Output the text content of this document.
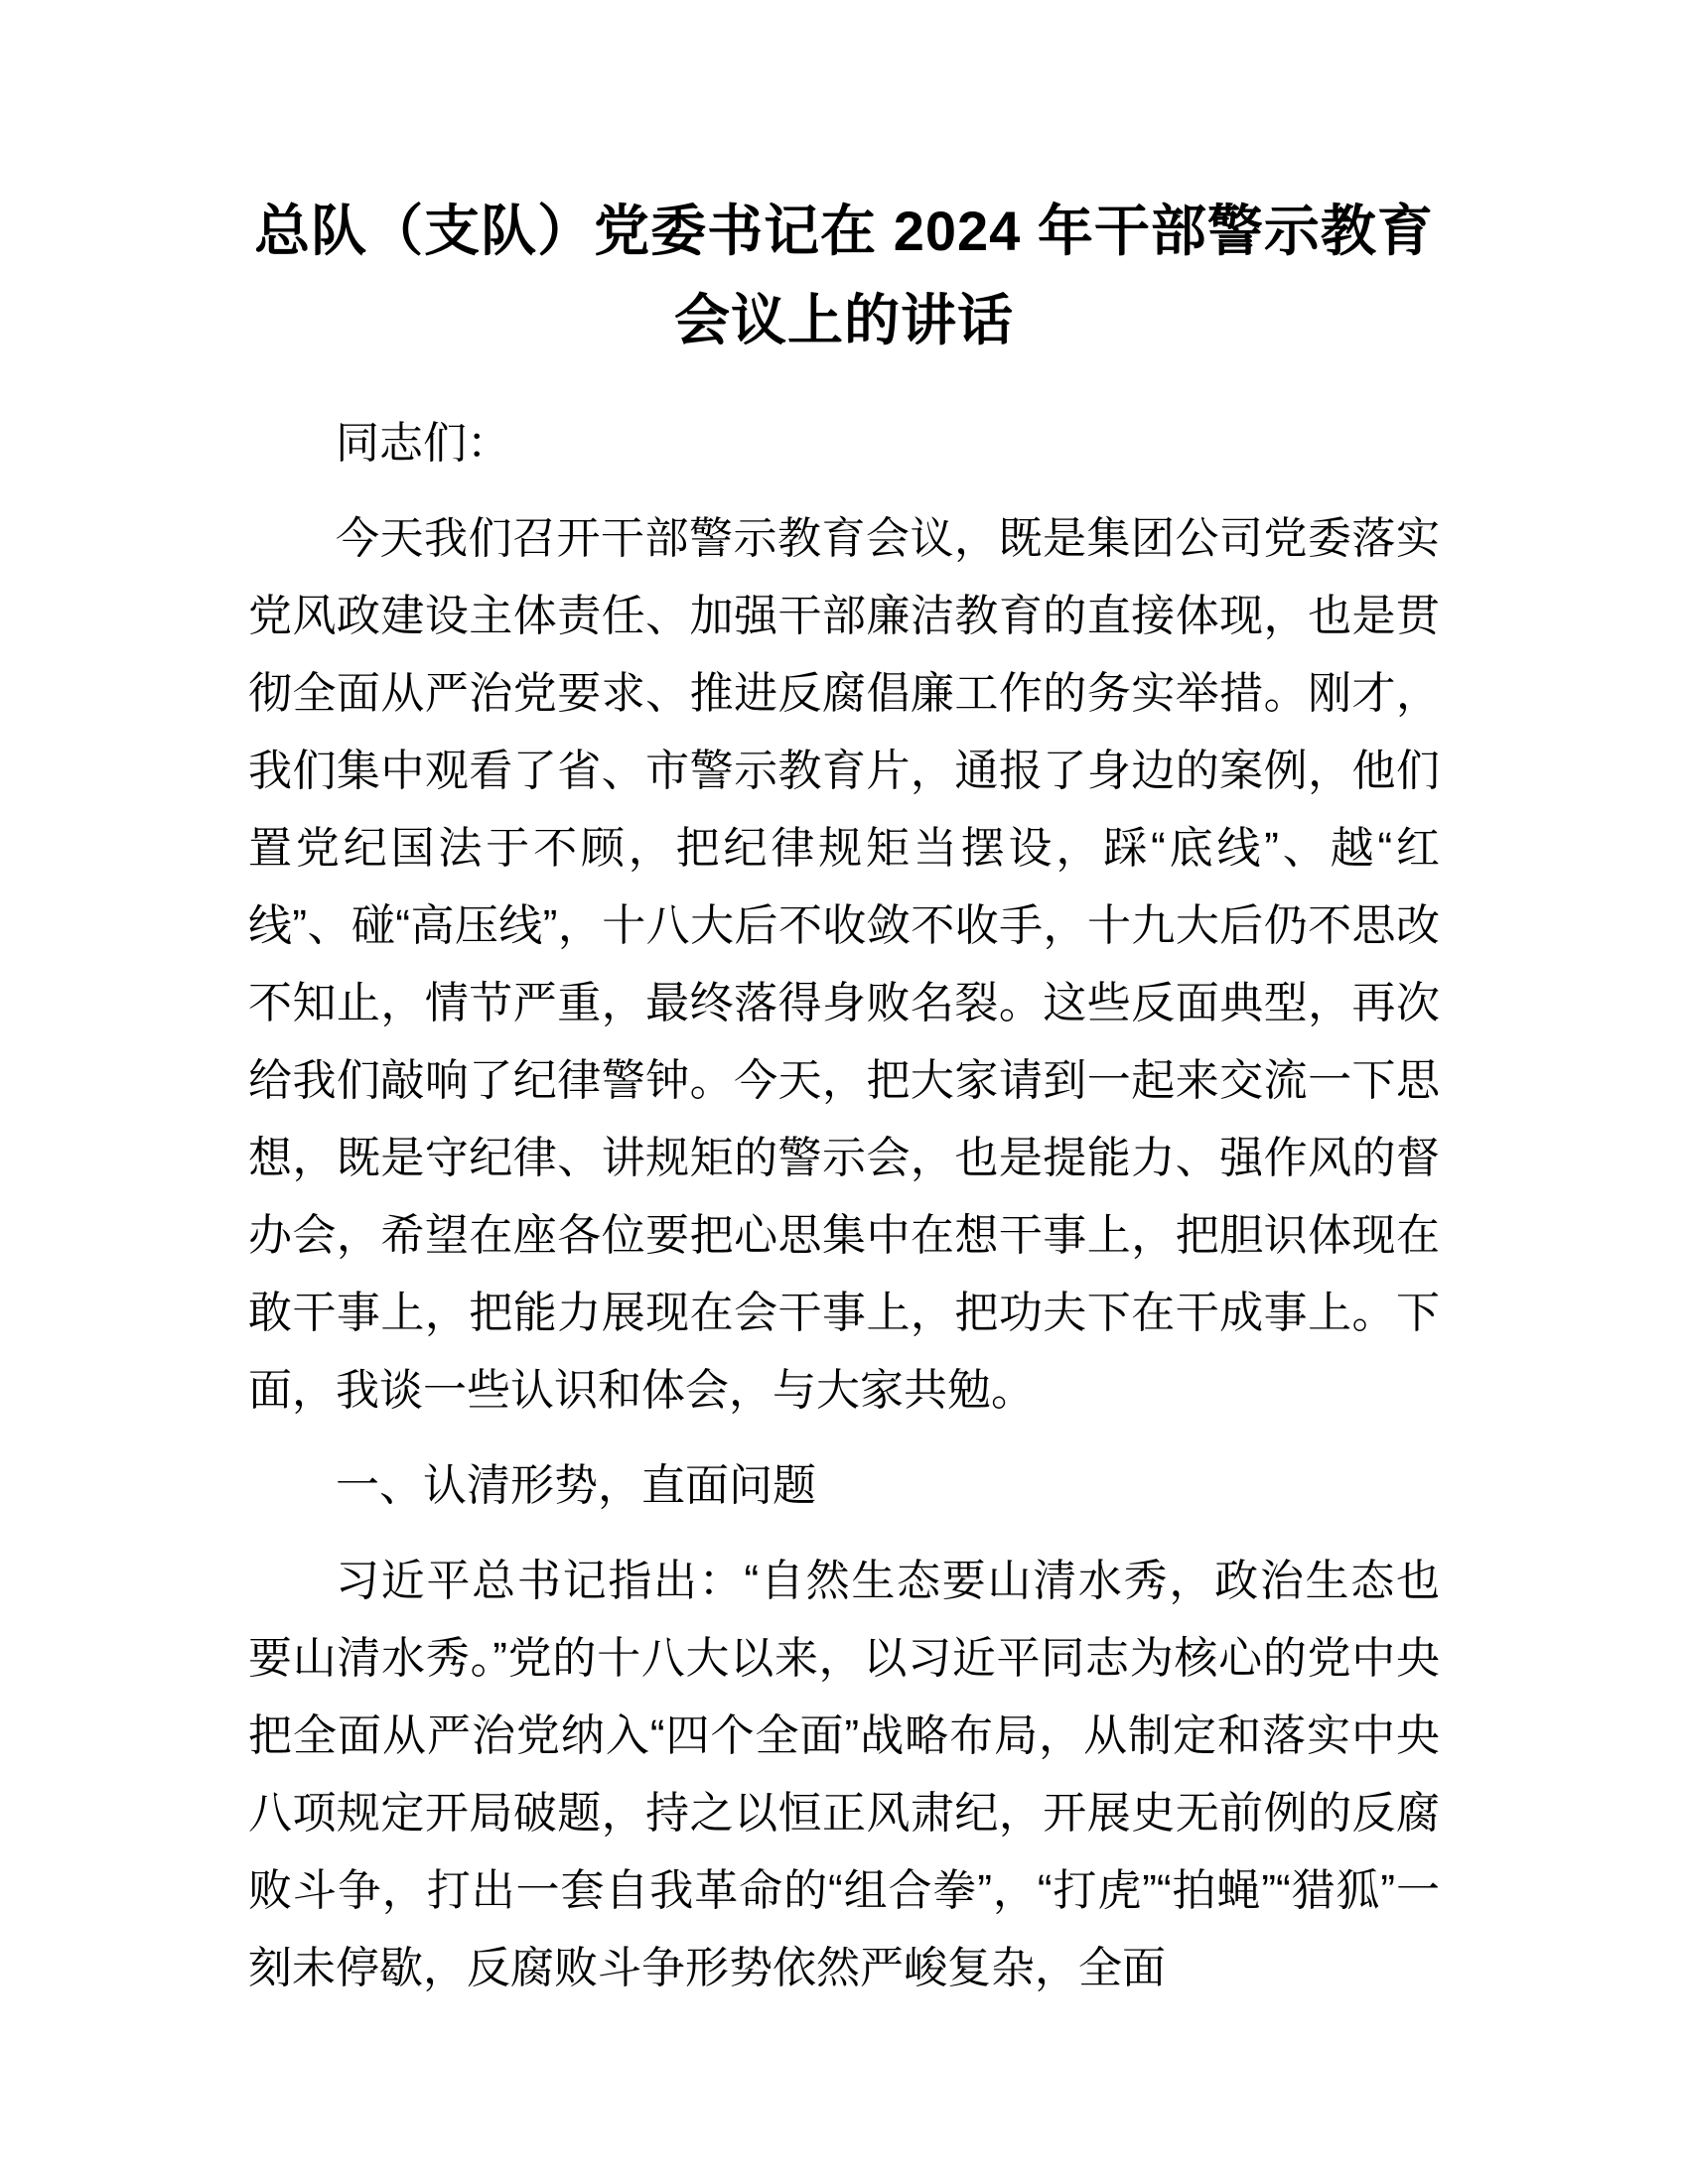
总队（支队）党委书记在 2024 年干部警示教育会议上的讲话

同志们：

今天我们召开干部警示教育会议，既是集团公司党委落实党风政建设主体责任、加强干部廉洁教育的直接体现，也是贯彻全面从严治党要求、推进反腐倡廉工作的务实举措。刚才，我们集中观看了省、市警示教育片，通报了身边的案例，他们置党纪国法于不顾，把纪律规矩当摆设，踩“底线”、越“红线”、碰“高压线”，十八大后不收敛不收手，十九大后仍不思改不知止，情节严重，最终落得身败名裂。这些反面典型，再次给我们敲响了纪律警钟。今天，把大家请到一起来交流一下思想，既是守纪律、讲规矩的警示会，也是提能力、强作风的督办会，希望在座各位要把心思集中在想干事上，把胆识体现在敢干事上，把能力展现在会干事上，把功夫下在干成事上。下面，我谈一些认识和体会，与大家共勉。

一、认清形势，直面问题

习近平总书记指出：“自然生态要山清水秀，政治生态也要山清水秀。”党的十八大以来，以习近平同志为核心的党中央把全面从严治党纳入“四个全面”战略布局，从制定和落实中央八项规定开局破题，持之以恒正风肃纪，开展史无前例的反腐败斗争，打出一套自我革命的“组合拳”，“打虎”“拍蝇”“猎狐”一刻未停歇，反腐败斗争形势依然严峻复杂，全面
